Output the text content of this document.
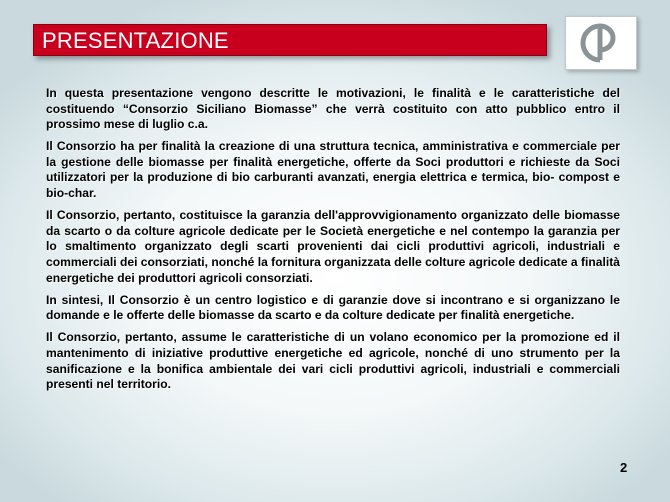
PRESENTAZIONE

In questa presentazione vengono descritte le motivazioni, le finalità e le caratteristiche del costituendo “Consorzio Siciliano Biomasse” che verrà costituito con atto pubblico entro il prossimo mese di luglio c.a.

Il Consorzio ha per finalità la creazione di una struttura tecnica, amministrativa e commerciale per la gestione delle biomasse per finalità energetiche, offerte da Soci produttori e richieste da Soci utilizzatori per la produzione di bio carburanti avanzati, energia elettrica e termica, bio- compost e bio-char.

Il Consorzio, pertanto, costituisce la garanzia dell'approvvigionamento organizzato delle biomasse da scarto o da colture agricole dedicate per le Società energetiche e nel contempo la garanzia per lo smaltimento organizzato degli scarti provenienti dai cicli produttivi agricoli, industriali e commerciali dei consorziati, nonché la fornitura organizzata delle colture agricole dedicate a finalità energetiche dei produttori agricoli consorziati.

In sintesi, Il Consorzio è un centro logistico e di garanzie dove si incontrano e si organizzano le domande e le offerte delle biomasse da scarto e da colture dedicate per finalità energetiche.

Il Consorzio, pertanto, assume le caratteristiche di un volano economico per la promozione ed il mantenimento di iniziative produttive energetiche ed agricole, nonché di uno strumento per la sanificazione e la bonifica ambientale dei vari cicli produttivi agricoli, industriali e commerciali presenti nel territorio.

2
